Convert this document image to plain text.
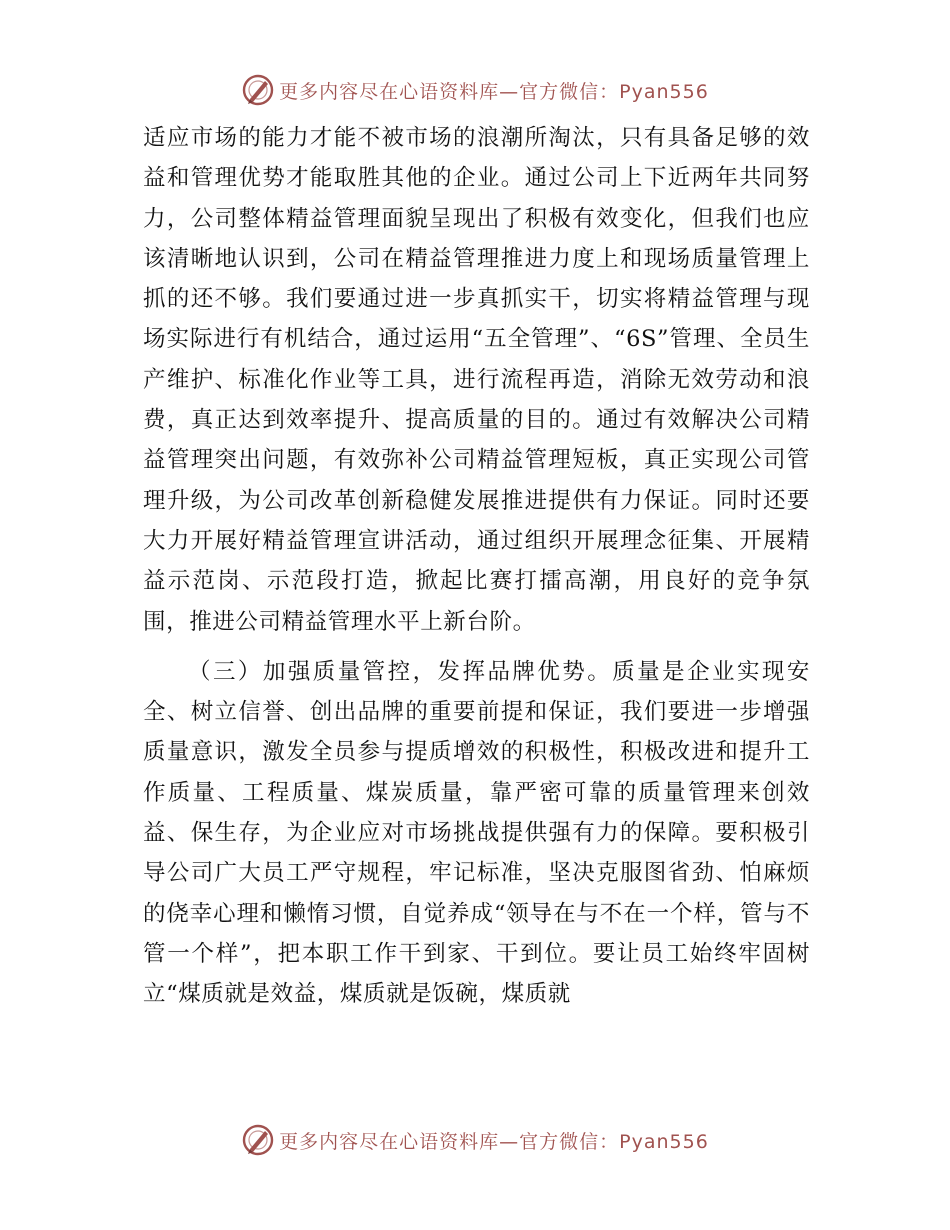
更多内容尽在心语资料库—官方微信：Pyan556

适应市场的能力才能不被市场的浪潮所淘汰，只有具备足够的效益和管理优势才能取胜其他的企业。通过公司上下近两年共同努力，公司整体精益管理面貌呈现出了积极有效变化，但我们也应该清晰地认识到，公司在精益管理推进力度上和现场质量管理上抓的还不够。我们要通过进一步真抓实干，切实将精益管理与现场实际进行有机结合，通过运用“五全管理”、“6S”管理、全员生产维护、标准化作业等工具，进行流程再造，消除无效劳动和浪费，真正达到效率提升、提高质量的目的。通过有效解决公司精益管理突出问题，有效弥补公司精益管理短板，真正实现公司管理升级，为公司改革创新稳健发展推进提供有力保证。同时还要大力开展好精益管理宣讲活动，通过组织开展理念征集、开展精益示范岗、示范段打造，掀起比赛打擂高潮，用良好的竞争氛围，推进公司精益管理水平上新台阶。

（三）加强质量管控，发挥品牌优势。质量是企业实现安全、树立信誉、创出品牌的重要前提和保证，我们要进一步增强质量意识，激发全员参与提质增效的积极性，积极改进和提升工作质量、工程质量、煤炭质量，靠严密可靠的质量管理来创效益、保生存，为企业应对市场挑战提供强有力的保障。要积极引导公司广大员工严守规程，牢记标准，坚决克服图省劲、怕麻烦的侥幸心理和懒惰习惯，自觉养成“领导在与不在一个样，管与不管一个样”，把本职工作干到家、干到位。要让员工始终牢固树立“煤质就是效益，煤质就是饭碗，煤质就

更多内容尽在心语资料库—官方微信：Pyan556
